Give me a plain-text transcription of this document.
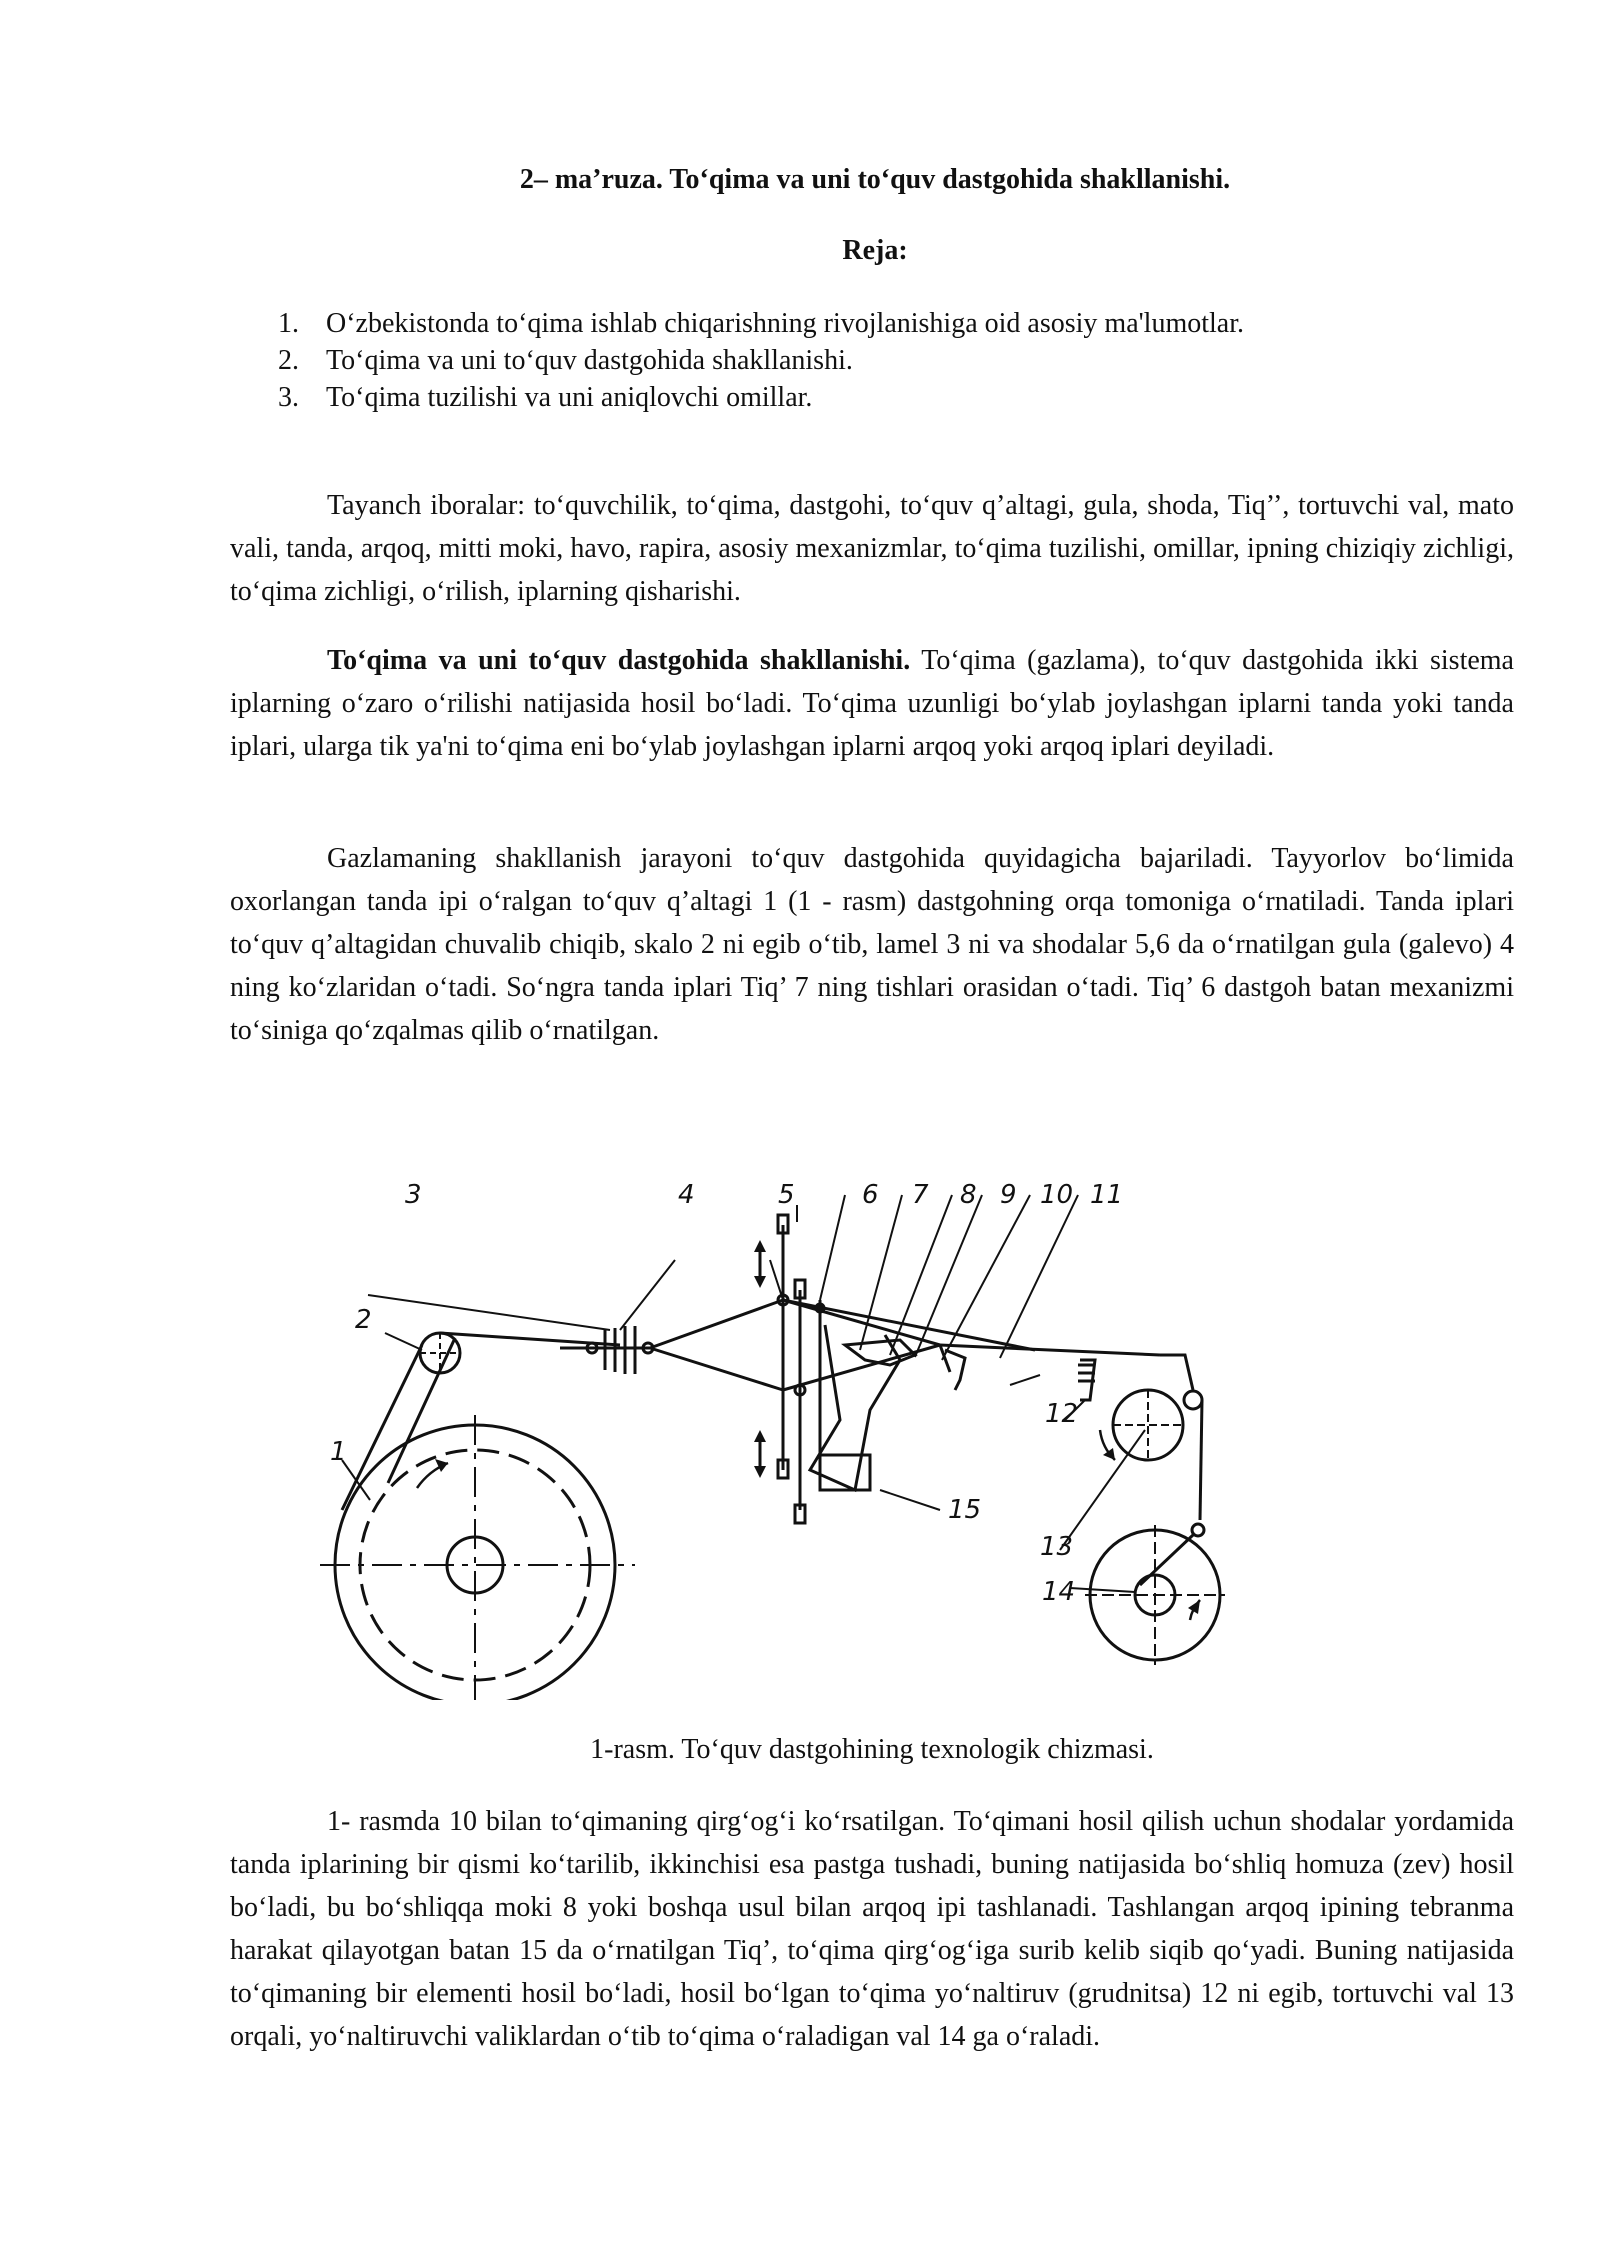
2– ma’ruza. To‘qima va uni to‘quv dastgohida shakllanishi.
Reja:
1. O‘zbekistonda to‘qima ishlab chiqarishning rivojlanishiga oid asosiy ma'lumotlar.
2. To‘qima va uni to‘quv dastgohida shakllanishi.
3. To‘qima tuzilishi va uni aniqlovchi omillar.

Tayanch iboralar: to‘quvchilik, to‘qima, dastgohi, to‘quv q’altagi, gula, shoda, Tiq’’, tortuvchi val, mato vali, tanda, arqoq, mitti moki, havo, rapira, asosiy mexanizmlar, to‘qima tuzilishi, omillar, ipning chiziqiy zichligi, to‘qima zichligi, o‘rilish, iplarning qisharishi.

To‘qima va uni to‘quv dastgohida shakllanishi. To‘qima (gazlama), to‘quv dastgohida ikki sistema iplarning o‘zaro o‘rilishi natijasida hosil bo‘ladi. To‘qima uzunligi bo‘ylab joylashgan iplarni tanda yoki tanda iplari, ularga tik ya'ni to‘qima eni bo‘ylab joylashgan iplarni arqoq yoki arqoq iplari deyiladi.

Gazlamaning shakllanish jarayoni to‘quv dastgohida quyidagicha bajariladi. Tayyorlov bo‘limida oxorlangan tanda ipi o‘ralgan to‘quv q’altagi 1 (1 - rasm) dastgohning orqa tomoniga o‘rnatiladi. Tanda iplari to‘quv q’altagidan chuvalib chiqib, skalo 2 ni egib o‘tib, lamel 3 ni va shodalar 5,6 da o‘rnatilgan gula (galevo) 4 ning ko‘zlaridan o‘tadi. So‘ngra tanda iplari Tiq’ 7 ning tishlari orasidan o‘tadi. Tiq’ 6 dastgoh batan mexanizmi to‘siniga qo‘zqalmas qilib o‘rnatilgan.

1
2
3	4	5	6 7 8 9 10 11
12
13
14
15
1-rasm. To‘quv dastgohining texnologik chizmasi.

1- rasmda 10 bilan to‘qimaning qirg‘og‘i ko‘rsatilgan. To‘qimani hosil qilish uchun shodalar yordamida tanda iplarining bir qismi ko‘tarilib, ikkinchisi esa pastga tushadi, buning natijasida bo‘shliq homuza (zev) hosil bo‘ladi, bu bo‘shliqqa moki 8 yoki boshqa usul bilan arqoq ipi tashlanadi. Tashlangan arqoq ipining tebranma harakat qilayotgan batan 15 da o‘rnatilgan Tiq’, to‘qima qirg‘og‘iga surib kelib siqib qo‘yadi. Buning natijasida to‘qimaning bir elementi hosil bo‘ladi, hosil bo‘lgan to‘qima yo‘naltiruv (grudnitsa) 12 ni egib, tortuvchi val 13 orqali, yo‘naltiruvchi valiklardan o‘tib to‘qima o‘raladigan val 14 ga o‘raladi.
